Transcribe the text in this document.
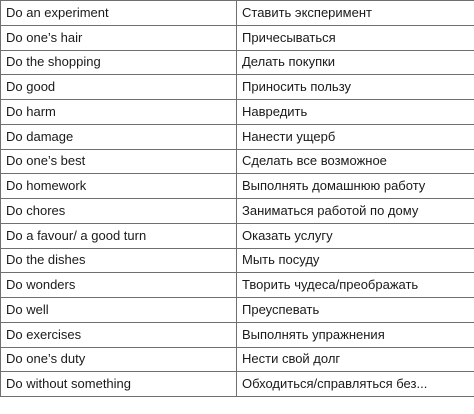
Do an experiment	Ставить эксперимент
Do one’s hair	Причесываться
Do the shopping	Делать покупки
Do good	Приносить пользу
Do harm	Навредить
Do damage	Нанести ущерб
Do one’s best	Сделать все возможное
Do homework	Выполнять домашнюю работу
Do chores	Заниматься работой по дому
Do a favour/ a good turn	Оказать услугу
Do the dishes	Мыть посуду
Do wonders	Творить чудеса/преображать
Do well	Преуспевать
Do exercises	Выполнять упражнения
Do one’s duty	Нести свой долг
Do without something	Обходиться/справляться без...
